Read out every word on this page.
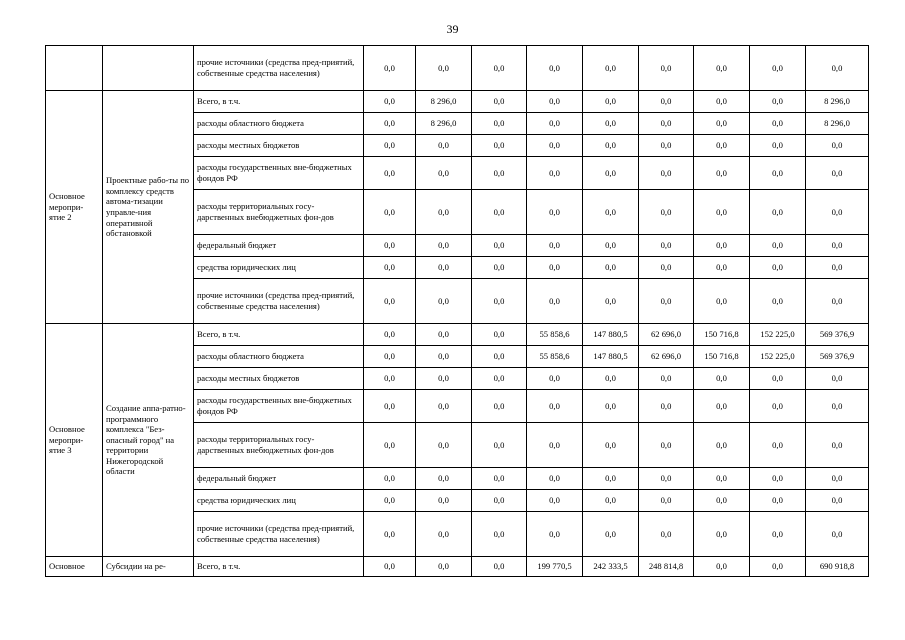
39
		прочие источники (средства пред-приятий, собственные средства населения)	0,0	0,0	0,0	0,0	0,0	0,0	0,0	0,0	0,0
Основное меропри-ятие 2	Проектные рабо-ты по комплексу средств автома-тизации управле-ния оперативной обстановкой	Всего, в т.ч.	0,0	8 296,0	0,0	0,0	0,0	0,0	0,0	0,0	8 296,0
		расходы областного бюджета	0,0	8 296,0	0,0	0,0	0,0	0,0	0,0	0,0	8 296,0
		расходы местных бюджетов	0,0	0,0	0,0	0,0	0,0	0,0	0,0	0,0	0,0
		расходы государственных вне-бюджетных фондов РФ	0,0	0,0	0,0	0,0	0,0	0,0	0,0	0,0	0,0
		расходы территориальных госу-дарственных внебюджетных фон-дов	0,0	0,0	0,0	0,0	0,0	0,0	0,0	0,0	0,0
		федеральный бюджет	0,0	0,0	0,0	0,0	0,0	0,0	0,0	0,0	0,0
		средства юридических лиц	0,0	0,0	0,0	0,0	0,0	0,0	0,0	0,0	0,0
		прочие источники (средства пред-приятий, собственные средства населения)	0,0	0,0	0,0	0,0	0,0	0,0	0,0	0,0	0,0
Основное меропри-ятие 3	Создание аппа-ратно-программного комплекса "Без-опасный город" на территории Нижегородской области	Всего, в т.ч.	0,0	0,0	0,0	55 858,6	147 880,5	62 696,0	150 716,8	152 225,0	569 376,9
		расходы областного бюджета	0,0	0,0	0,0	55 858,6	147 880,5	62 696,0	150 716,8	152 225,0	569 376,9
		расходы местных бюджетов	0,0	0,0	0,0	0,0	0,0	0,0	0,0	0,0	0,0
		расходы государственных вне-бюджетных фондов РФ	0,0	0,0	0,0	0,0	0,0	0,0	0,0	0,0	0,0
		расходы территориальных госу-дарственных внебюджетных фон-дов	0,0	0,0	0,0	0,0	0,0	0,0	0,0	0,0	0,0
		федеральный бюджет	0,0	0,0	0,0	0,0	0,0	0,0	0,0	0,0	0,0
		средства юридических лиц	0,0	0,0	0,0	0,0	0,0	0,0	0,0	0,0	0,0
		прочие источники (средства пред-приятий, собственные средства населения)	0,0	0,0	0,0	0,0	0,0	0,0	0,0	0,0	0,0
Основное	Субсидии на ре-	Всего, в т.ч.	0,0	0,0	0,0	199 770,5	242 333,5	248 814,8	0,0	0,0	690 918,8
